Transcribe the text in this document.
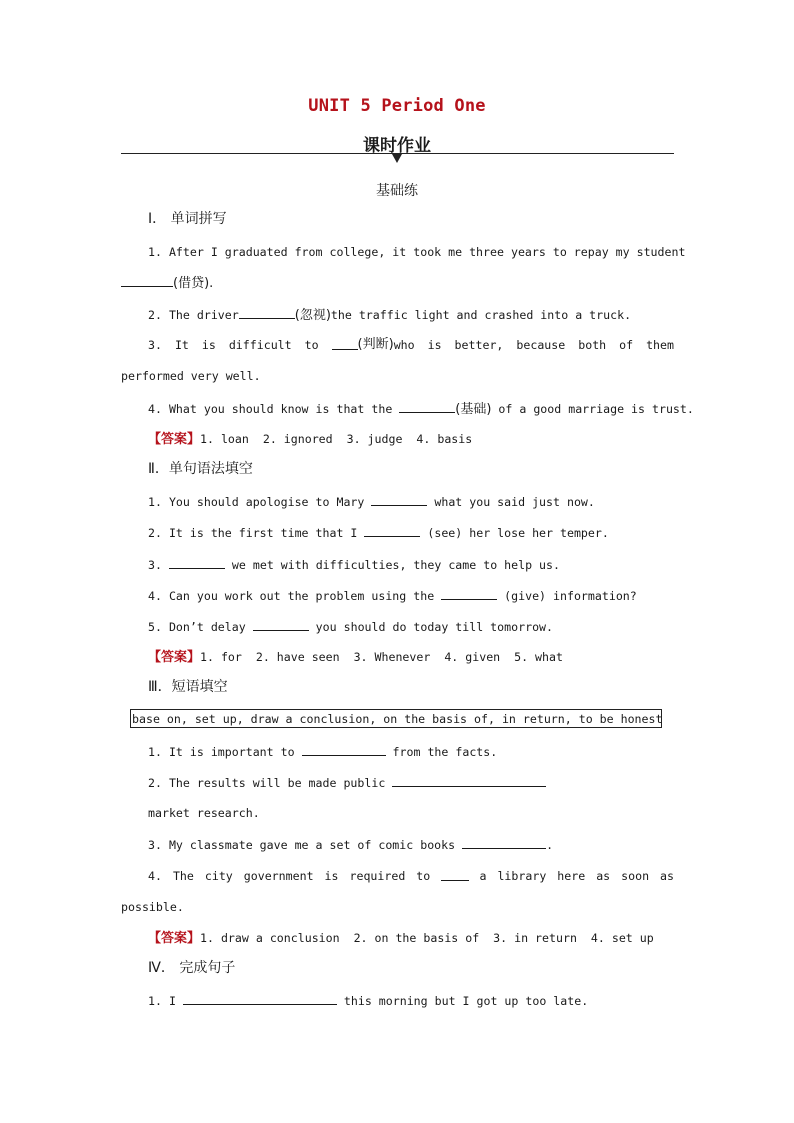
UNIT 5 Period One
课时作业
基础练
Ⅰ． 单词拼写
1. After I graduated from college, it took me three years to repay my student
(借贷).
2. The driver	(忽视)the traffic light and crashed into a truck.
3. It is difficult to (判断) who is better, because both of them
performed very well.
4. What you should know is that the	(基础) of a good marriage is trust.
【答案】1. loan  2. ignored  3. judge  4. basis
Ⅱ．单句语法填空
1. You should apologise to Mary	what you said just now.
2. It is the first time that I	(see) her lose her temper.
3.	we met with difficulties, they came to help us.
4. Can you work out the problem using the	(give) information?
5. Don’t delay	you should do today till tomorrow.
【答案】1. for  2. have seen  3. Whenever  4. given  5. what
Ⅲ．短语填空
base on, set up, draw a conclusion, on the basis of, in return, to be honest
1. It is important to	from the facts.
2. The results will be made public
market research.
3. My classmate gave me a set of comic books	.
4. The city government is required to a library here as soon as
possible.
【答案】1. draw a conclusion  2. on the basis of  3. in return  4. set up
Ⅳ． 完成句子
1. I	this morning but I got up too late.
